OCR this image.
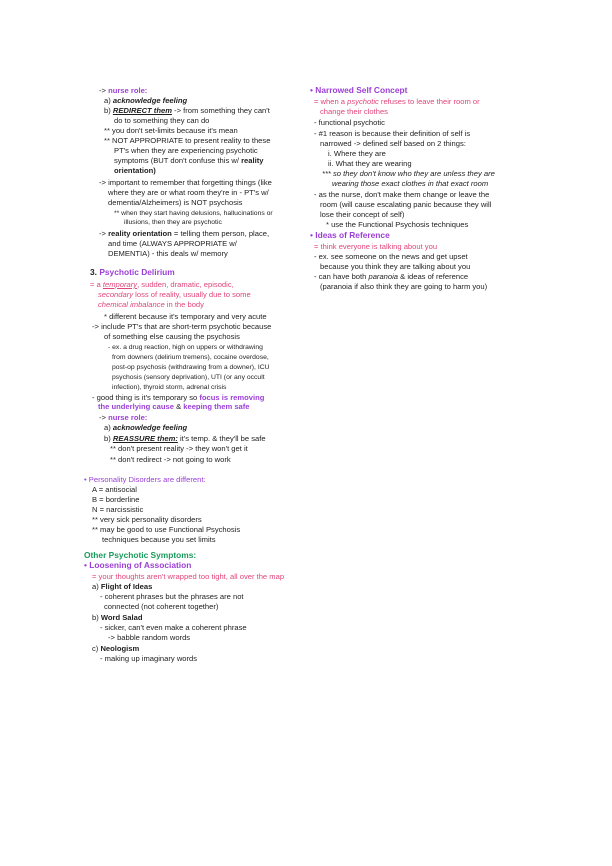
-> nurse role:
a) acknowledge feeling
b) REDIRECT them -> from something they can't
do to something they can do
** you don't set-limits because it's mean
** NOT APPROPRIATE to present reality to these
PT's when they are experiencing psychotic
symptoms (BUT don't confuse this w/ reality
orientation)
-> important to remember that forgetting things (like
where they are or what room they're in - PT's w/
dementia/Alzheimers) is NOT psychosis
** when they start having delusions, hallucinations or
illusions, then they are psychotic
-> reality orientation = telling them person, place,
and time (ALWAYS APPROPRIATE w/
DEMENTIA) - this deals w/ memory
3. Psychotic Delirium
= a temporary, sudden, dramatic, episodic,
secondary loss of reality, usually due to some
chemical imbalance in the body
* different because it's temporary and very acute
-> include PT's that are short-term psychotic because
of something else causing the psychosis
- ex. a drug reaction, high on uppers or withdrawing
from downers (delirium tremens), cocaine overdose,
post-op psychosis (withdrawing from a downer), ICU
psychosis (sensory deprivation), UTI (or any occult
infection), thyroid storm, adrenal crisis
- good thing is it's temporary so focus is removing
the underlying cause & keeping them safe
-> nurse role:
a) acknowledge feeling
b) REASSURE them: it's temp. & they'll be safe
** don't present reality -> they won't get it
** don't redirect -> not going to work
• Personality Disorders are different:
A = antisocial
B = borderline
N = narcissistic
** very sick personality disorders
** may be good to use Functional Psychosis
techniques because you set limits
Other Psychotic Symptoms:
• Loosening of Association
= your thoughts aren't wrapped too tight, all over the map
a) Flight of Ideas
- coherent phrases but the phrases are not
connected (not coherent together)
b) Word Salad
- sicker, can't even make a coherent phrase
-> babble random words
c) Neologism
- making up imaginary words
• Narrowed Self Concept
= when a psychotic refuses to leave their room or
change their clothes
- functional psychotic
- #1 reason is because their definition of self is
narrowed -> defined self based on 2 things:
i. Where they are
ii. What they are wearing
*** so they don't know who they are unless they are
wearing those exact clothes in that exact room
- as the nurse, don't make them change or leave the
room (will cause escalating panic because they will
lose their concept of self)
* use the Functional Psychosis techniques
• Ideas of Reference
= think everyone is talking about you
- ex. see someone on the news and get upset
because you think they are talking about you
- can have both paranoia & ideas of reference
(paranoia if also think they are going to harm you)
